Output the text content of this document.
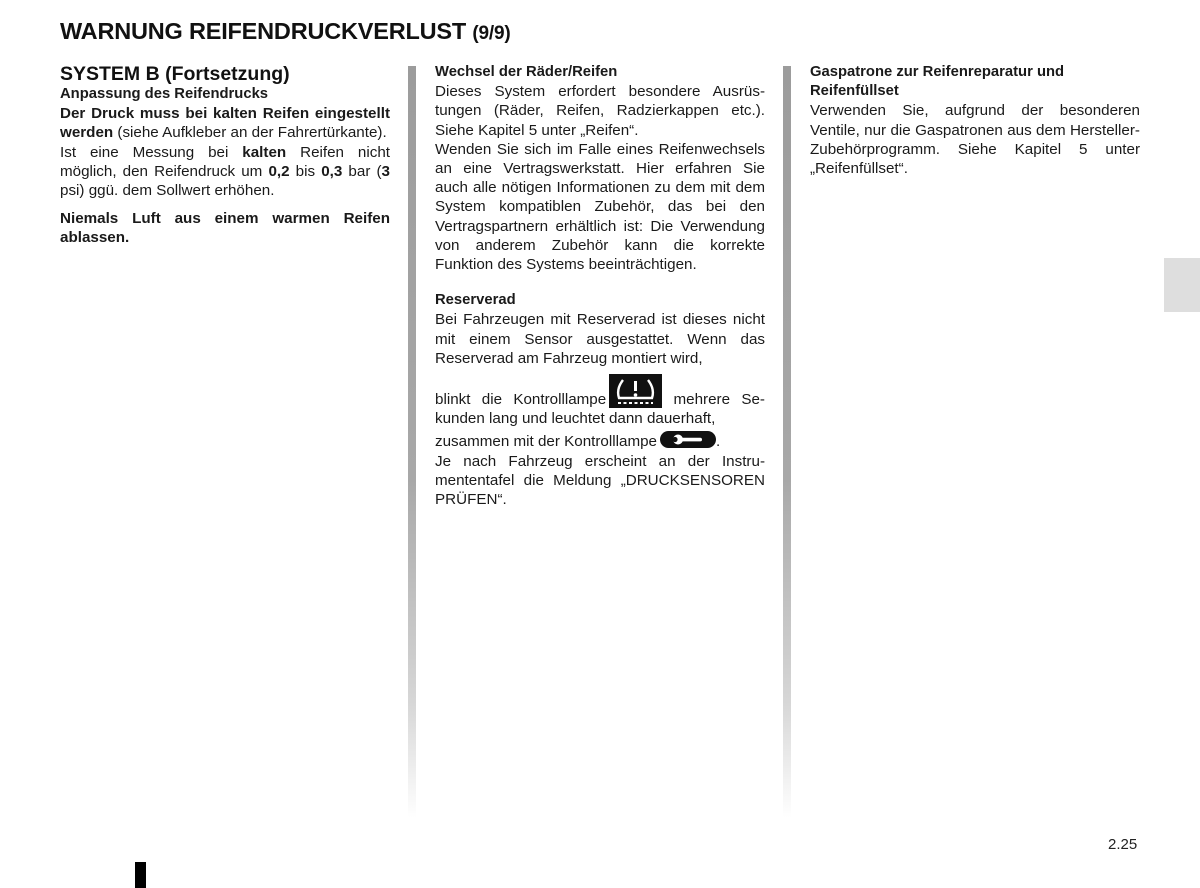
WARNUNG REIFENDRUCKVERLUST (9/9)

SYSTEM B (Fortsetzung)

Anpassung des Reifendrucks

Der Druck muss bei kalten Reifen eingestellt werden (siehe Aufkleber an der Fahrertürkante).

Ist eine Messung bei kalten Reifen nicht möglich, den Reifendruck um 0,2 bis 0,3 bar (3 psi) ggü. dem Sollwert erhöhen.

Niemals Luft aus einem warmen Reifen ablassen.

Wechsel der Räder/Reifen

Dieses System erfordert besondere Ausrüstungen (Räder, Reifen, Radzierkappen etc.). Siehe Kapitel 5 unter „Reifen“.

Wenden Sie sich im Falle eines Reifenwechsels an eine Vertragswerkstatt. Hier erfahren Sie auch alle nötigen Informationen zu dem mit dem System kompatiblen Zubehör, das bei den Vertragspartnern erhältlich ist: Die Verwendung von anderem Zubehör kann die korrekte Funktion des Systems beeinträchtigen.

Reserverad

Bei Fahrzeugen mit Reserverad ist dieses nicht mit einem Sensor ausgestattet. Wenn das Reserverad am Fahrzeug montiert wird,

blinkt die Kontrolllampe	mehrere Sekunden lang und leuchtet dann dauerhaft,

zusammen mit der Kontrolllampe	.

Je nach Fahrzeug erscheint an der Instrumententafel die Meldung „DRUCKSENSOREN PRÜFEN“.

Gaspatrone zur Reifenreparatur und Reifenfüllset

Verwenden Sie, aufgrund der besonderen Ventile, nur die Gaspatronen aus dem Hersteller-Zubehörprogramm. Siehe Kapitel 5 unter „Reifenfüllset“.

2.25
